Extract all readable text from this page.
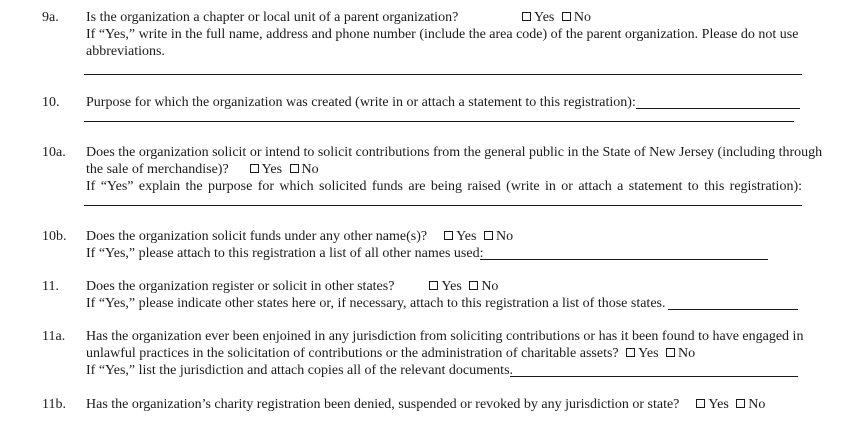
9a. Is the organization a chapter or local unit of a parent organization?	Yes No
If “Yes,” write in the full name, address and phone number (include the area code) of the parent organization. Please do not use
abbreviations.
10. Purpose for which the organization was created (write in or attach a statement to this registration):
10a. Does the organization solicit or intend to solicit contributions from the general public in the State of New Jersey (including through
the sale of merchandise)? Yes No
If “Yes” explain the purpose for which solicited funds are being raised (write in or attach a statement to this registration):
10b. Does the organization solicit funds under any other name(s)? Yes No
If “Yes,” please attach to this registration a list of all other names used:
11. Does the organization register or solicit in other states?	Yes No
If “Yes,” please indicate other states here or, if necessary, attach to this registration a list of those states.
11a. Has the organization ever been enjoined in any jurisdiction from soliciting contributions or has it been found to have engaged in
unlawful practices in the solicitation of contributions or the administration of charitable assets? Yes No
If “Yes,” list the jurisdiction and attach copies all of the relevant documents.
11b. Has the organization’s charity registration been denied, suspended or revoked by any jurisdiction or state? Yes No
